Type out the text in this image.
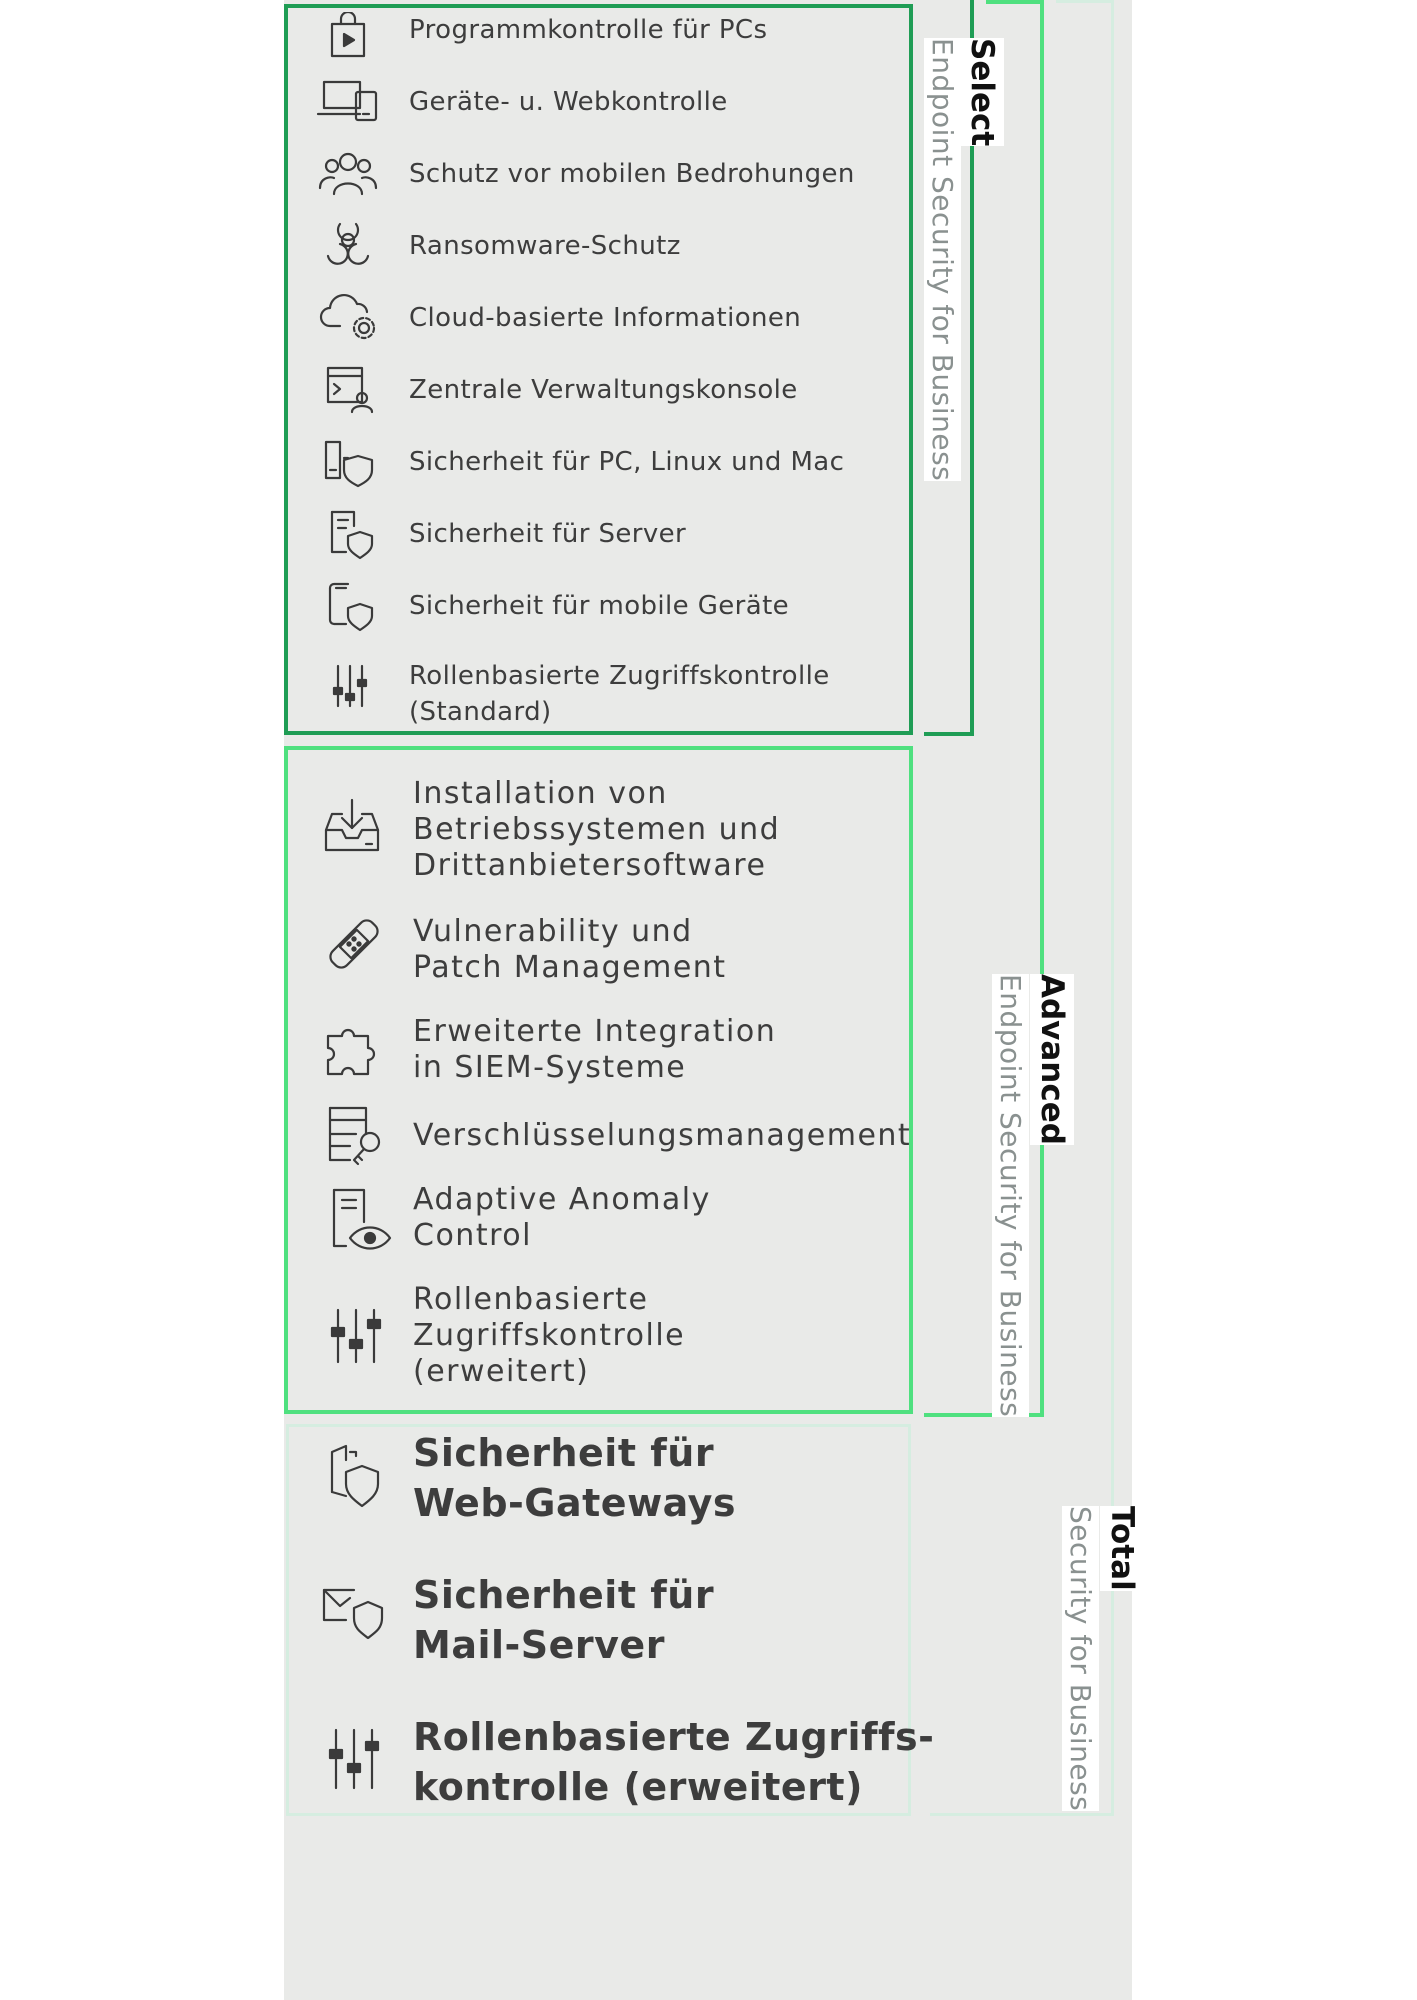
Programmkontrolle für PCs
Geräte- u. Webkontrolle
Schutz vor mobilen Bedrohungen
Ransomware-Schutz
Cloud-basierte Informationen
Zentrale Verwaltungskonsole
Sicherheit für PC, Linux und Mac
Sicherheit für Server
Sicherheit für mobile Geräte
Rollenbasierte Zugriffskontrolle
(Standard)
Installation von
Betriebssystemen und
Drittanbietersoftware
Vulnerability und
Patch Management
Erweiterte Integration
in SIEM-Systeme
Verschlüsselungsmanagement
Adaptive Anomaly
Control
Rollenbasierte
Zugriffskontrolle
(erweitert)
Sicherheit für
Web-Gateways
Sicherheit für
Mail-Server
Rollenbasierte Zugriffs-
kontrolle (erweitert)
Select
Endpoint Security for Business
Advanced
Endpoint Security for Business
Total
Security for Business
